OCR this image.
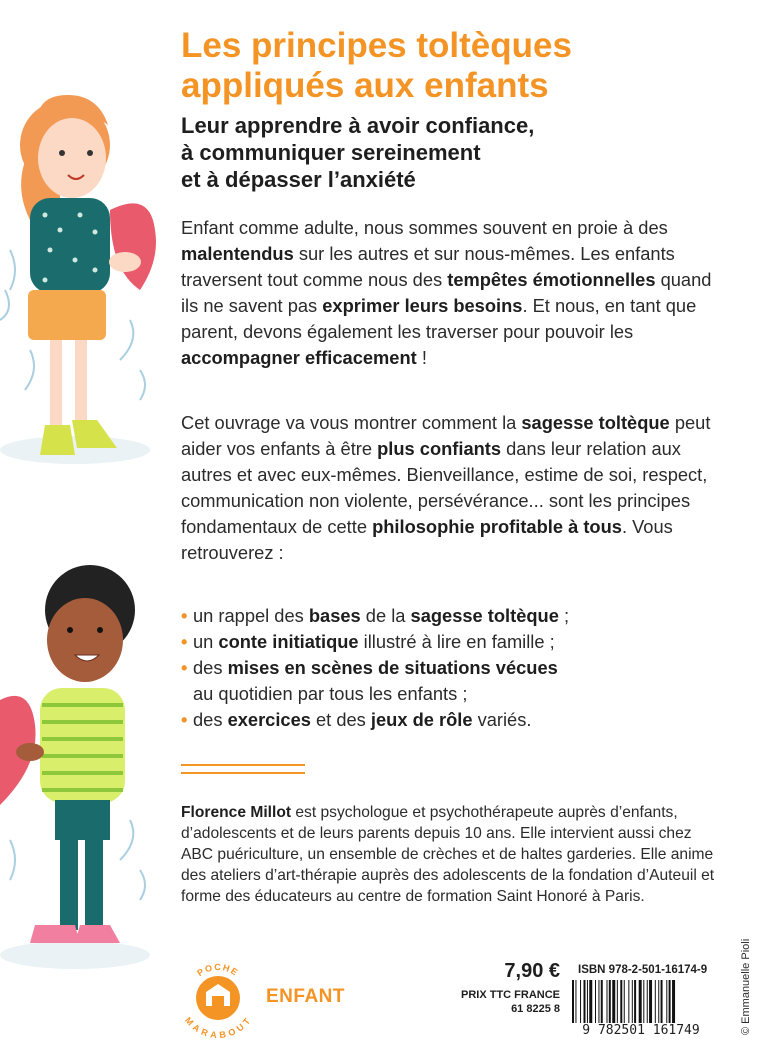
Les principes toltèques
appliqués aux enfants
Leur apprendre à avoir confiance,
à communiquer sereinement
et à dépasser l’anxiété

Enfant comme adulte, nous sommes souvent en proie à des malentendus sur les autres et sur nous-mêmes. Les enfants traversent tout comme nous des tempêtes émotionnelles quand ils ne savent pas exprimer leurs besoins. Et nous, en tant que parent, devons également les traverser pour pouvoir les accompagner efficacement !

Cet ouvrage va vous montrer comment la sagesse toltèque peut aider vos enfants à être plus confiants dans leur relation aux autres et avec eux-mêmes. Bienveillance, estime de soi, respect, communication non violente, persévérance... sont les principes fondamentaux de cette philosophie profitable à tous. Vous retrouverez :

• un rappel des bases de la sagesse toltèque ;
• un conte initiatique illustré à lire en famille ;
• des mises en scènes de situations vécues
au quotidien par tous les enfants ;
• des exercices et des jeux de rôle variés.

Florence Millot est psychologue et psychothérapeute auprès d’enfants, d’adolescents et de leurs parents depuis 10 ans. Elle intervient aussi chez ABC puériculture, un ensemble de crèches et de haltes garderies. Elle anime des ateliers d’art-thérapie auprès des adolescents de la fondation d’Auteuil et forme des éducateurs au centre de formation Saint Honoré à Paris.

POCHE
MARABOUT
ENFANT
7,90 €
PRIX TTC FRANCE
61 8225 8
ISBN 978-2-501-16174-9
9 782501 161749	© Emmanuelle Pioli
